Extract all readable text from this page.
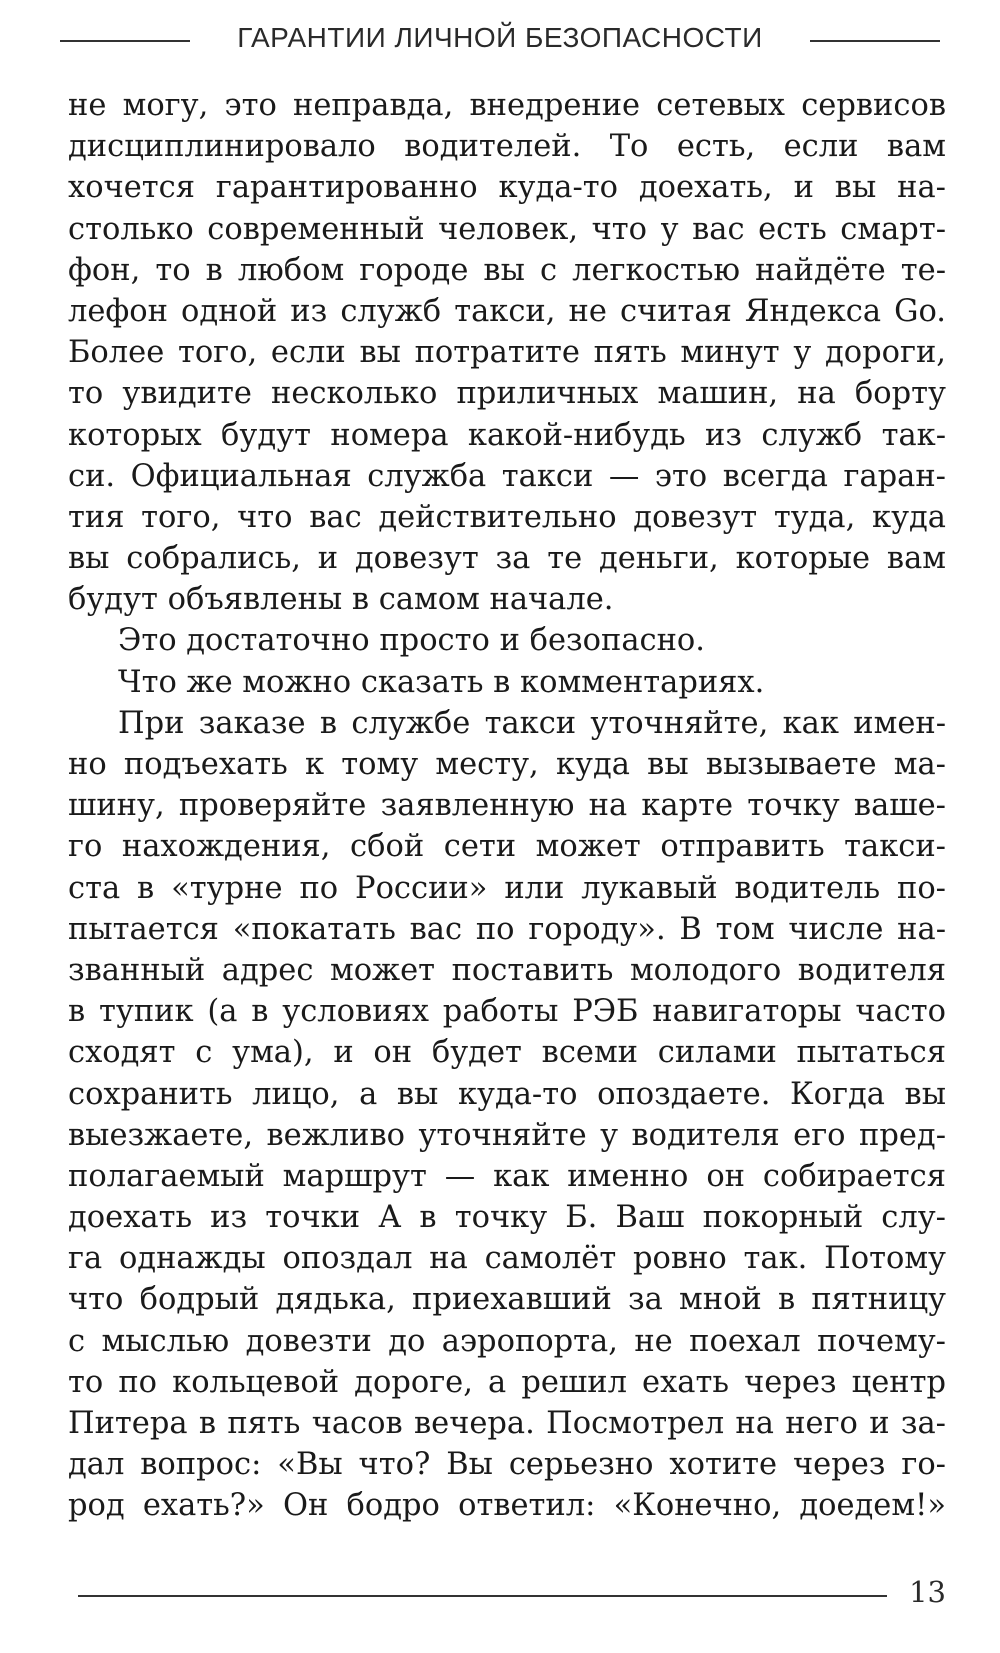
ГАРАНТИИ ЛИЧНОЙ БЕЗОПАСНОСТИ
не могу, это неправда, внедрение сетевых сервисов
дисциплинировало водителей. То есть, если вам
хочется гарантированно куда-то доехать, и вы на-
столько современный человек, что у вас есть смарт-
фон, то в любом городе вы с легкостью найдёте те-
лефон одной из служб такси, не считая Яндекса Go.
Более того, если вы потратите пять минут у дороги,
то увидите несколько приличных машин, на борту
которых будут номера какой-нибудь из служб так-
си. Официальная служба такси — это всегда гаран-
тия того, что вас действительно довезут туда, куда
вы собрались, и довезут за те деньги, которые вам
будут объявлены в самом начале.
Это достаточно просто и безопасно.
Что же можно сказать в комментариях.
При заказе в службе такси уточняйте, как имен-
но подъехать к тому месту, куда вы вызываете ма-
шину, проверяйте заявленную на карте точку ваше-
го нахождения, сбой сети может отправить такси-
ста в «турне по России» или лукавый водитель по-
пытается «покатать вас по городу». В том числе на-
званный адрес может поставить молодого водителя
в тупик (а в условиях работы РЭБ навигаторы часто
сходят с ума), и он будет всеми силами пытаться
сохранить лицо, а вы куда-то опоздаете. Когда вы
выезжаете, вежливо уточняйте у водителя его пред-
полагаемый маршрут — как именно он собирается
доехать из точки А в точку Б. Ваш покорный слу-
га однажды опоздал на самолёт ровно так. Потому
что бодрый дядька, приехавший за мной в пятницу
с мыслью довезти до аэропорта, не поехал почему-
то по кольцевой дороге, а решил ехать через центр
Питера в пять часов вечера. Посмотрел на него и за-
дал вопрос: «Вы что? Вы серьезно хотите через го-
род ехать?» Он бодро ответил: «Конечно, доедем!»
13
